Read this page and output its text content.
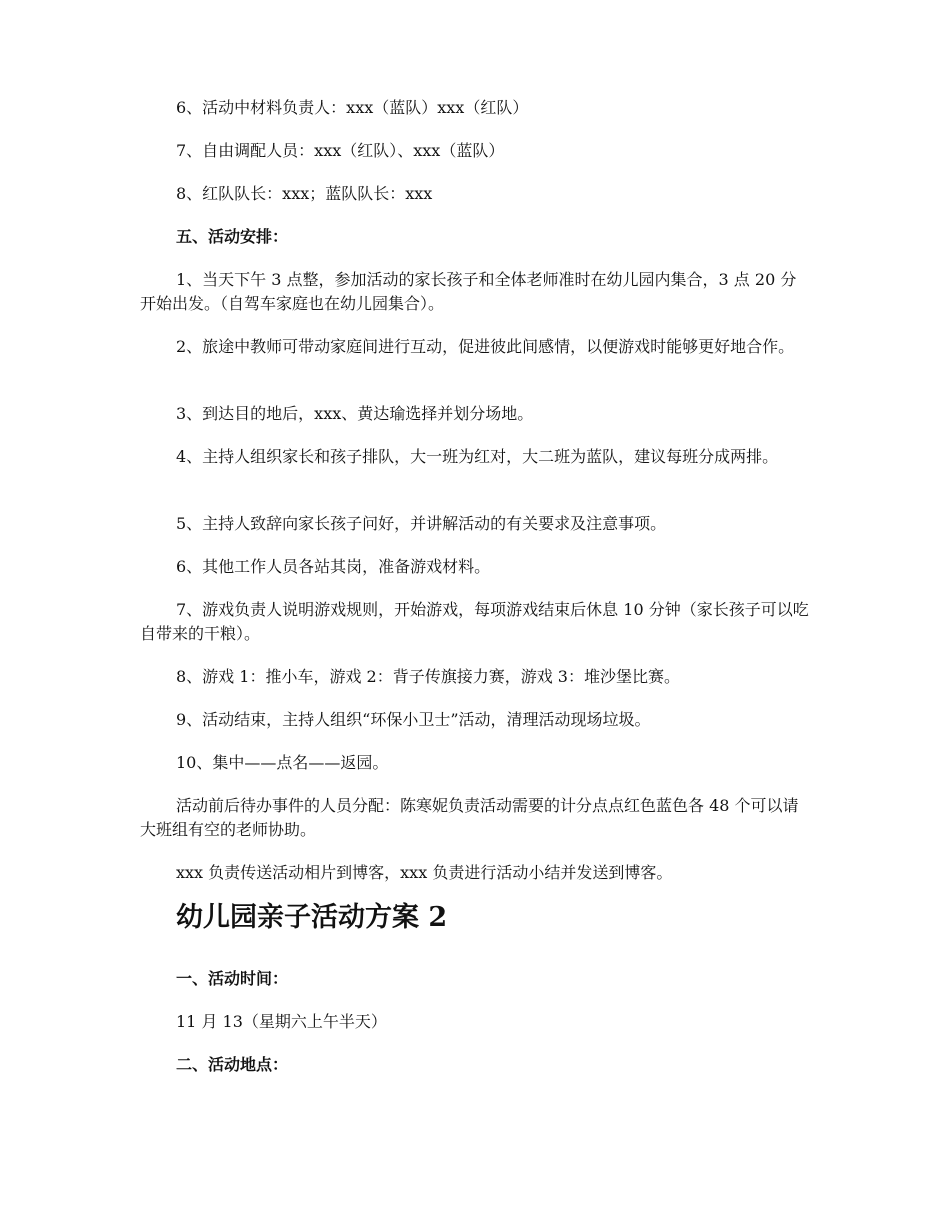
6、活动中材料负责人：xxx（蓝队）xxx（红队）

7、自由调配人员：xxx（红队）、xxx（蓝队）

8、红队队长：xxx；蓝队队长：xxx

五、活动安排：

1、当天下午 3 点整，参加活动的家长孩子和全体老师准时在幼儿园内集合，3 点 20 分开始出发。（自驾车家庭也在幼儿园集合）。

2、旅途中教师可带动家庭间进行互动，促进彼此间感情，以便游戏时能够更好地合作。

3、到达目的地后，xxx、黄达瑜选择并划分场地。

4、主持人组织家长和孩子排队，大一班为红对，大二班为蓝队，建议每班分成两排。

5、主持人致辞向家长孩子问好，并讲解活动的有关要求及注意事项。

6、其他工作人员各站其岗，准备游戏材料。

7、游戏负责人说明游戏规则，开始游戏，每项游戏结束后休息 10 分钟（家长孩子可以吃自带来的干粮）。

8、游戏 1：推小车，游戏 2：背子传旗接力赛，游戏 3：堆沙堡比赛。

9、活动结束，主持人组织“环保小卫士”活动，清理活动现场垃圾。

10、集中——点名——返园。

活动前后待办事件的人员分配：陈寒妮负责活动需要的计分点点红色蓝色各 48 个可以请大班组有空的老师协助。

xxx 负责传送活动相片到博客，xxx 负责进行活动小结并发送到博客。

幼儿园亲子活动方案 2

一、活动时间：

11 月 13（星期六上午半天）

二、活动地点：
